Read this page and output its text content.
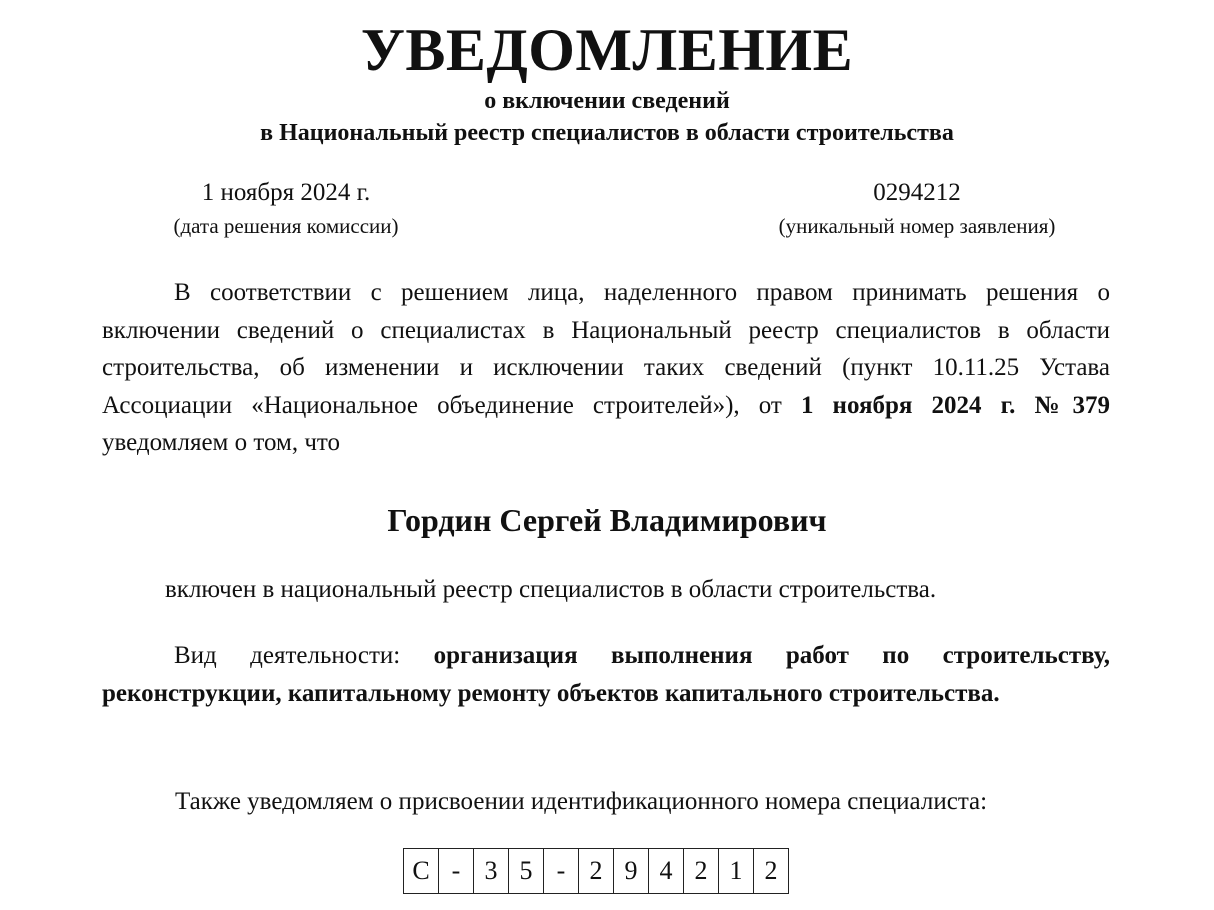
УВЕДОМЛЕНИЕ
о включении сведений
в Национальный реестр специалистов в области строительства
1 ноября 2024 г.
(дата решения комиссии)
0294212
(уникальный номер заявления)
В соответствии с решением лица, наделенного правом принимать решения о включении сведений о специалистах в Национальный реестр специалистов в области строительства, об изменении и исключении таких сведений (пункт 10.11.25 Устава Ассоциации «Национальное объединение строителей»), от 1 ноября 2024 г. №379 уведомляем о том, что
Гордин Сергей Владимирович
включен в национальный реестр специалистов в области строительства.
Вид деятельности: организация выполнения работ по строительству, реконструкции, капитальному ремонту объектов капитального строительства.
Также уведомляем о присвоении идентификационного номера специалиста:
С	-	3	5	-	2	9	4	2	1	2
